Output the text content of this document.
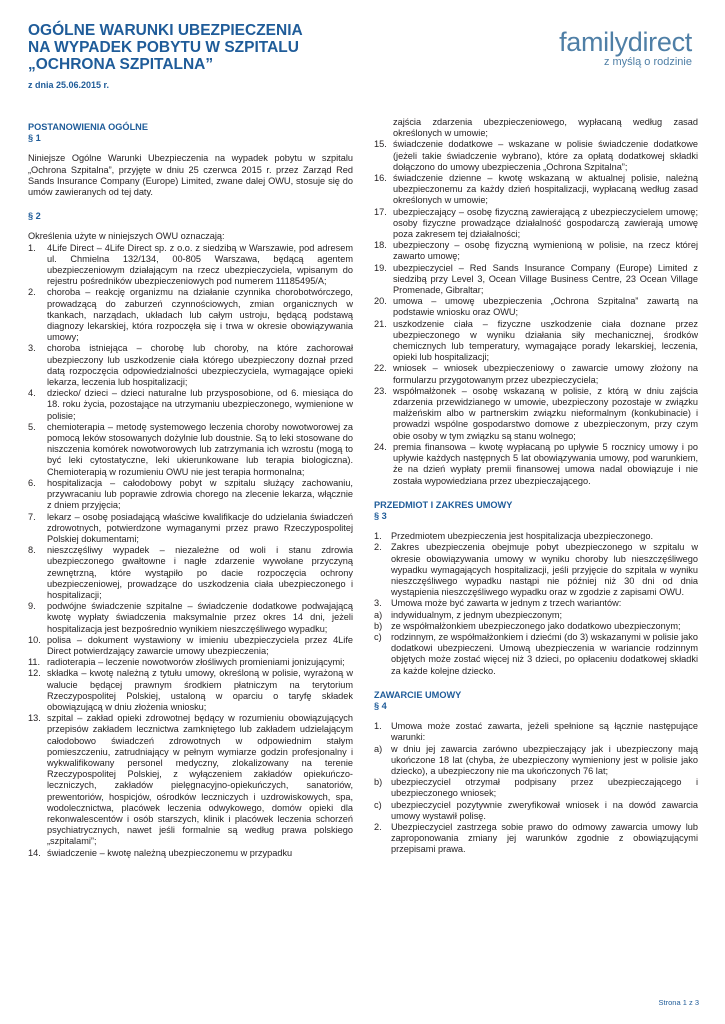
OGÓLNE WARUNKI UBEZPIECZENIA
NA WYPADEK POBYTU W SZPITALU
„OCHRONA SZPITALNA”
z dnia 25.06.2015 r.
familydirect
z myślą o rodzinie
POSTANOWIENIA OGÓLNE
§ 1

Niniejsze Ogólne Warunki Ubezpieczenia na wypadek pobytu w szpitalu „Ochrona Szpitalna”, przyjęte w dniu 25 czerwca 2015 r. przez Zarząd Red Sands Insurance Company (Europe) Limited, zwane dalej OWU, stosuje się do umów zawieranych od tej daty.

§ 2

Określenia użyte w niniejszych OWU oznaczają:

1. 4Life Direct – 4Life Direct sp. z o.o. z siedzibą w Warszawie, pod adresem ul. Chmielna 132/134, 00-805 Warszawa, będącą agentem ubezpieczeniowym działającym na rzecz ubezpieczyciela, wpisanym do rejestru pośredników ubezpieczeniowych pod numerem 11185495/A;
2. choroba – reakcję organizmu na działanie czynnika chorobotwórczego, prowadzącą do zaburzeń czynnościowych, zmian organicznych w tkankach, narządach, układach lub całym ustroju, będącą podstawą diagnozy lekarskiej, która rozpoczęła się i trwa w okresie obowiązywania umowy;
3. choroba istniejąca – chorobę lub choroby, na które zachorował ubezpieczony lub uszkodzenie ciała którego ubezpieczony doznał przed datą rozpoczęcia odpowiedzialności ubezpieczyciela, wymagające opieki lekarza, leczenia lub hospitalizacji;
4. dziecko/ dzieci – dzieci naturalne lub przysposobione, od 6. miesiąca do 18. roku życia, pozostające na utrzymaniu ubezpieczonego, wymienione w polisie;
5. chemioterapia – metodę systemowego leczenia choroby nowotworowej za pomocą leków stosowanych dożylnie lub doustnie. Są to leki stosowane do niszczenia komórek nowotworowych lub zatrzymania ich wzrostu (mogą to być leki cytostatyczne, leki ukierunkowane lub terapia biologiczna). Chemioterapią w rozumieniu OWU nie jest terapia hormonalna;
6. hospitalizacja – całodobowy pobyt w szpitalu służący zachowaniu, przywracaniu lub poprawie zdrowia chorego na zlecenie lekarza, włącznie z dniem przyjęcia;
7. lekarz – osobę posiadającą właściwe kwalifikacje do udzielania świadczeń zdrowotnych, potwierdzone wymaganymi przez prawo Rzeczypospolitej Polskiej dokumentami;
8. nieszczęśliwy wypadek – niezależne od woli i stanu zdrowia ubezpieczonego gwałtowne i nagłe zdarzenie wywołane przyczyną zewnętrzną, które wystąpiło po dacie rozpoczęcia ochrony ubezpieczeniowej, prowadzące do uszkodzenia ciała ubezpieczonego i hospitalizacji;
9. podwójne świadczenie szpitalne – świadczenie dodatkowe podwajającą kwotę wypłaty świadczenia maksymalnie przez okres 14 dni, jeżeli hospitalizacja jest bezpośrednio wynikiem nieszczęśliwego wypadku;
10. polisa – dokument wystawiony w imieniu ubezpieczyciela przez 4Life Direct potwierdzający zawarcie umowy ubezpieczenia;
11. radioterapia – leczenie nowotworów złośliwych promieniami jonizującymi;
12. składka – kwotę należną z tytułu umowy, określoną w polisie, wyrażoną w walucie będącej prawnym środkiem płatniczym na terytorium Rzeczypospolitej Polskiej, ustaloną w oparciu o taryfę składek obowiązującą w dniu złożenia wniosku;
13. szpital – zakład opieki zdrowotnej będący w rozumieniu obowiązujących przepisów zakładem lecznictwa zamkniętego lub zakładem udzielającym całodobowo świadczeń zdrowotnych w odpowiednim stałym pomieszczeniu, zatrudniający w pełnym wymiarze godzin profesjonalny i wykwalifikowany personel medyczny, zlokalizowany na terenie Rzeczypospolitej Polskiej, z wyłączeniem zakładów opiekuńczo-leczniczych, zakładów pielęgnacyjno-opiekuńczych, sanatoriów, prewentoriów, hospicjów, ośrodków leczniczych i uzdrowiskowych, spa, wodolecznictwa, placówek leczenia odwykowego, domów opieki dla rekonwalescentów i osób starszych, klinik i placówek leczenia schorzeń psychiatrycznych, nawet jeśli formalnie są według prawa polskiego „szpitalami”;
14. świadczenie – kwotę należną ubezpieczonemu w przypadku

zajścia zdarzenia ubezpieczeniowego, wypłacaną według zasad określonych w umowie;

15. świadczenie dodatkowe – wskazane w polisie świadczenie dodatkowe (jeżeli takie świadczenie wybrano), które za opłatą dodatkowej składki dołączono do umowy ubezpieczenia „Ochrona Szpitalna”;
16. świadczenie dzienne – kwotę wskazaną w aktualnej polisie, należną ubezpieczonemu za każdy dzień hospitalizacji, wypłacaną według zasad określonych w umowie;
17. ubezpieczający – osobę fizyczną zawierającą z ubezpieczycielem umowę; osoby fizyczne prowadzące działalność gospodarczą zawierają umowę poza zakresem tej działalności;
18. ubezpieczony – osobę fizyczną wymienioną w polisie, na rzecz której zawarto umowę;
19. ubezpieczyciel – Red Sands Insurance Company (Europe) Limited z siedzibą przy Level 3, Ocean Village Business Centre, 23 Ocean Village Promenade, Gibraltar;
20. umowa – umowę ubezpieczenia „Ochrona Szpitalna” zawartą na podstawie wniosku oraz OWU;
21. uszkodzenie ciała – fizyczne uszkodzenie ciała doznane przez ubezpieczonego w wyniku działania siły mechanicznej, środków chemicznych lub temperatury, wymagające porady lekarskiej, leczenia, opieki lub hospitalizacji;
22. wniosek – wniosek ubezpieczeniowy o zawarcie umowy złożony na formularzu przygotowanym przez ubezpieczyciela;
23. współmałżonek – osobę wskazaną w polisie, z którą w dniu zajścia zdarzenia przewidzianego w umowie, ubezpieczony pozostaje w związku małżeńskim albo w partnerskim związku nieformalnym (konkubinacie) i prowadzi wspólne gospodarstwo domowe z ubezpieczonym, przy czym obie osoby w tym związku są stanu wolnego;
24. premia finansowa – kwotę wypłacaną po upływie 5 rocznicy umowy i po upływie każdych następnych 5 lat obowiązywania umowy, pod warunkiem, że na dzień wypłaty premii finansowej umowa nadal obowiązuje i nie została wypowiedziana przez ubezpieczającego.
PRZEDMIOT I ZAKRES UMOWY
§ 3
1. Przedmiotem ubezpieczenia jest hospitalizacja ubezpieczonego.
2. Zakres ubezpieczenia obejmuje pobyt ubezpieczonego w szpitalu w okresie obowiązywania umowy w wyniku choroby lub nieszczęśliwego wypadku wymagających hospitalizacji, jeśli przyjęcie do szpitala w wyniku nieszczęśliwego wypadku nastąpi nie później niż 30 dni od dnia wystąpienia nieszczęśliwego wypadku oraz w zgodzie z zapisami OWU.
3. Umowa może być zawarta w jednym z trzech wariantów:
a) indywidualnym, z jednym ubezpieczonym;
b) ze współmałżonkiem ubezpieczonego jako dodatkowo ubezpieczonym;
c) rodzinnym, ze współmałżonkiem i dziećmi (do 3) wskazanymi w polisie jako dodatkowi ubezpieczeni. Umową ubezpieczenia w wariancie rodzinnym objętych może zostać więcej niż 3 dzieci, po opłaceniu dodatkowej składki za każde kolejne dziecko.
ZAWARCIE UMOWY
§ 4
1. Umowa może zostać zawarta, jeżeli spełnione są łącznie następujące warunki:
a) w dniu jej zawarcia zarówno ubezpieczający jak i ubezpieczony mają ukończone 18 lat (chyba, że ubezpieczony wymieniony jest w polisie jako dziecko), a ubezpieczony nie ma ukończonych 76 lat;
b) ubezpieczyciel otrzymał podpisany przez ubezpieczającego i ubezpieczonego wniosek;
c) ubezpieczyciel pozytywnie zweryfikował wniosek i na dowód zawarcia umowy wystawił polisę.
2. Ubezpieczyciel zastrzega sobie prawo do odmowy zawarcia umowy lub zaproponowania zmiany jej warunków zgodnie z obowiązującymi przepisami prawa.
Strona 1 z 3
